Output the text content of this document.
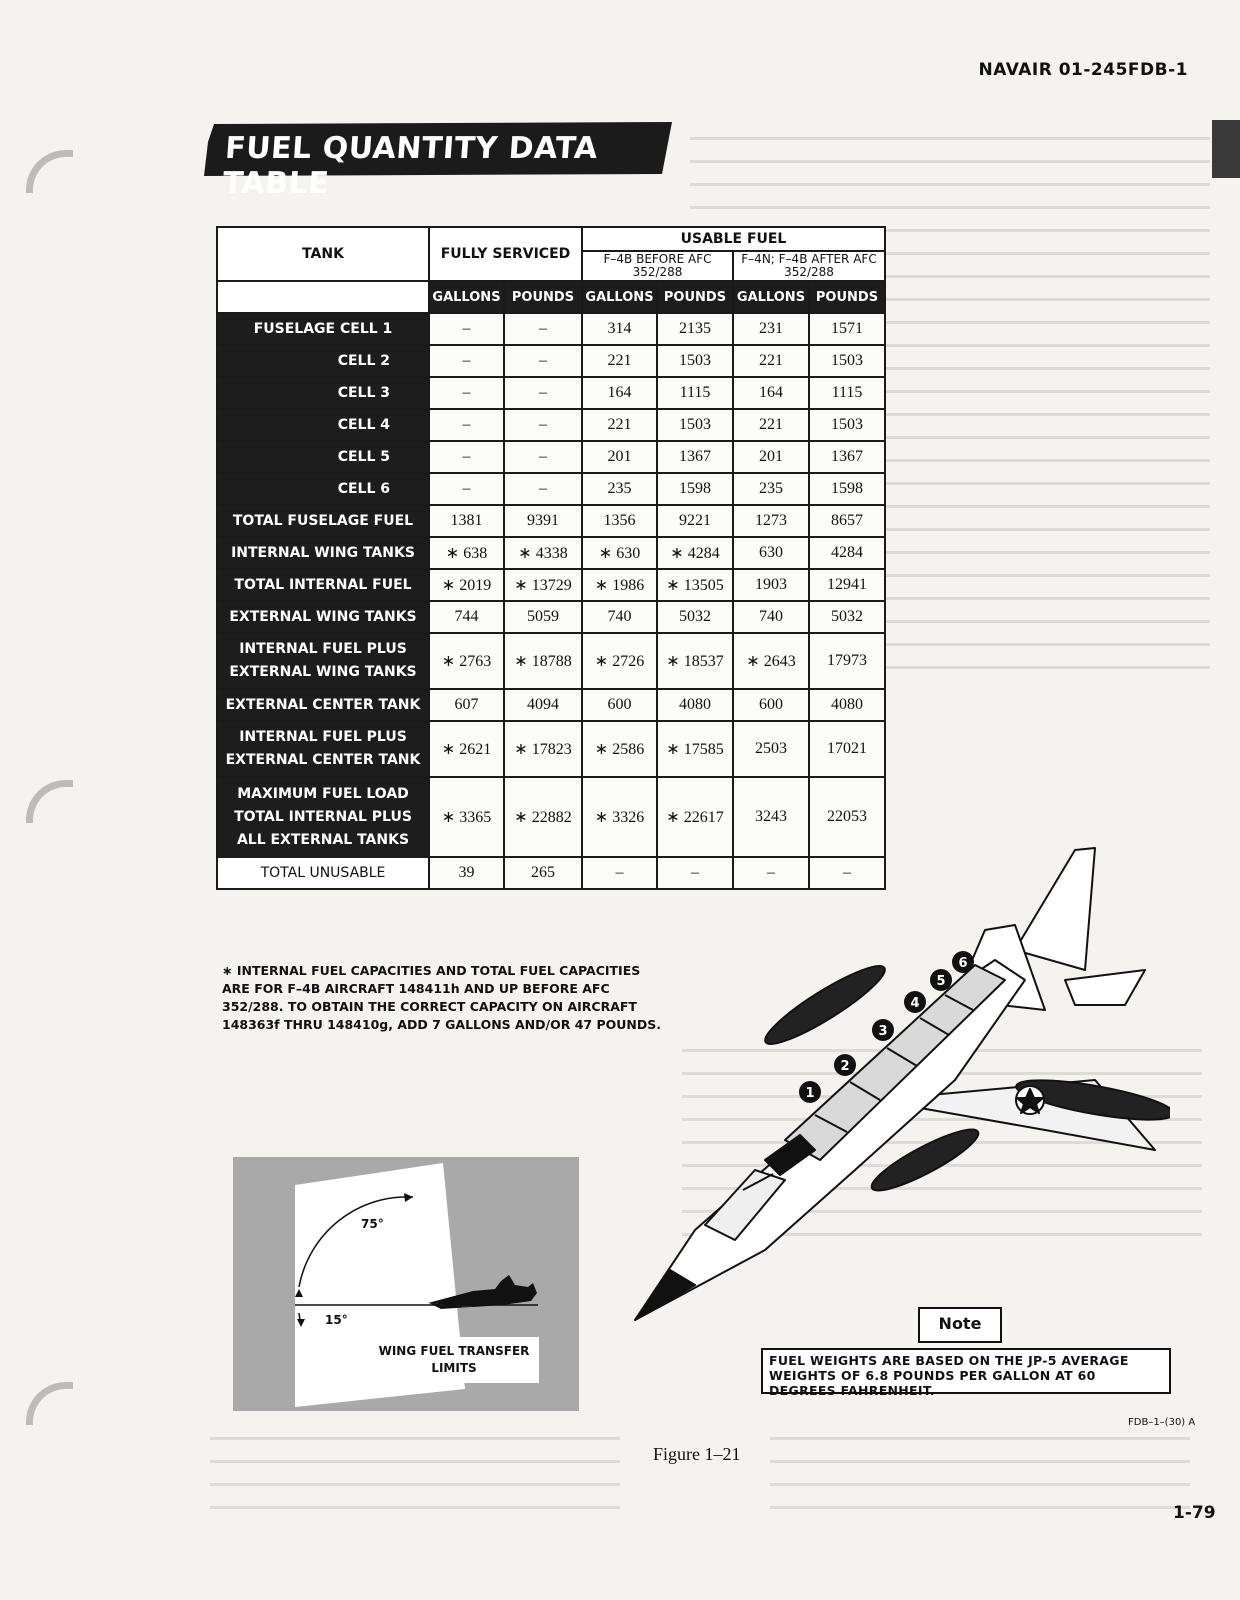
NAVAIR 01-245FDB-1
FUEL QUANTITY DATA TABLE
TANK	FULLY SERVICED		USABLE FUEL			
			F–4B BEFORE AFC 352/288		F–4N; F–4B AFTER AFC 352/288	
	GALLONS	POUNDS	GALLONS	POUNDS	GALLONS	POUNDS
FUSELAGE CELL 1	–	–	314	2135	231	1571
CELL 2	–	–	221	1503	221	1503
CELL 3	–	–	164	1115	164	1115
CELL 4	–	–	221	1503	221	1503
CELL 5	–	–	201	1367	201	1367
CELL 6	–	–	235	1598	235	1598
TOTAL FUSELAGE FUEL	1381	9391	1356	9221	1273	8657
INTERNAL WING TANKS	∗ 638	∗ 4338	∗ 630	∗ 4284	630	4284
TOTAL INTERNAL FUEL	∗ 2019	∗ 13729	∗ 1986	∗ 13505	1903	12941
EXTERNAL WING TANKS	744	5059	740	5032	740	5032

INTERNAL FUEL PLUS
EXTERNAL WING TANKS	∗ 2763	∗ 18788	∗ 2726	∗ 18537	∗ 2643	17973
EXTERNAL CENTER TANK	607	4094	600	4080	600	4080

INTERNAL FUEL PLUS
EXTERNAL CENTER TANK	∗ 2621	∗ 17823	∗ 2586	∗ 17585	2503	17021

MAXIMUM FUEL LOAD
TOTAL INTERNAL PLUS
ALL EXTERNAL TANKS	∗ 3365	∗ 22882	∗ 3326	∗ 22617	3243	22053
TOTAL UNUSABLE	39	265	–	–	–	–
∗ INTERNAL FUEL CAPACITIES AND TOTAL FUEL CAPACITIES ARE FOR F–4B AIRCRAFT 148411h AND UP BEFORE AFC 352/288. TO OBTAIN THE CORRECT CAPACITY ON AIRCRAFT 148363f THRU 148410g, ADD 7 GALLONS AND/OR 47 POUNDS.
75°
15°
WING FUEL TRANSFER
LIMITS
1
2
3
4
5
6
Note
FUEL WEIGHTS ARE BASED ON THE JP-5 AVERAGE WEIGHTS OF 6.8 POUNDS PER GALLON AT 60 DEGREES FAHRENHEIT.
Figure 1–21
FDB–1–(30) A
1-79
